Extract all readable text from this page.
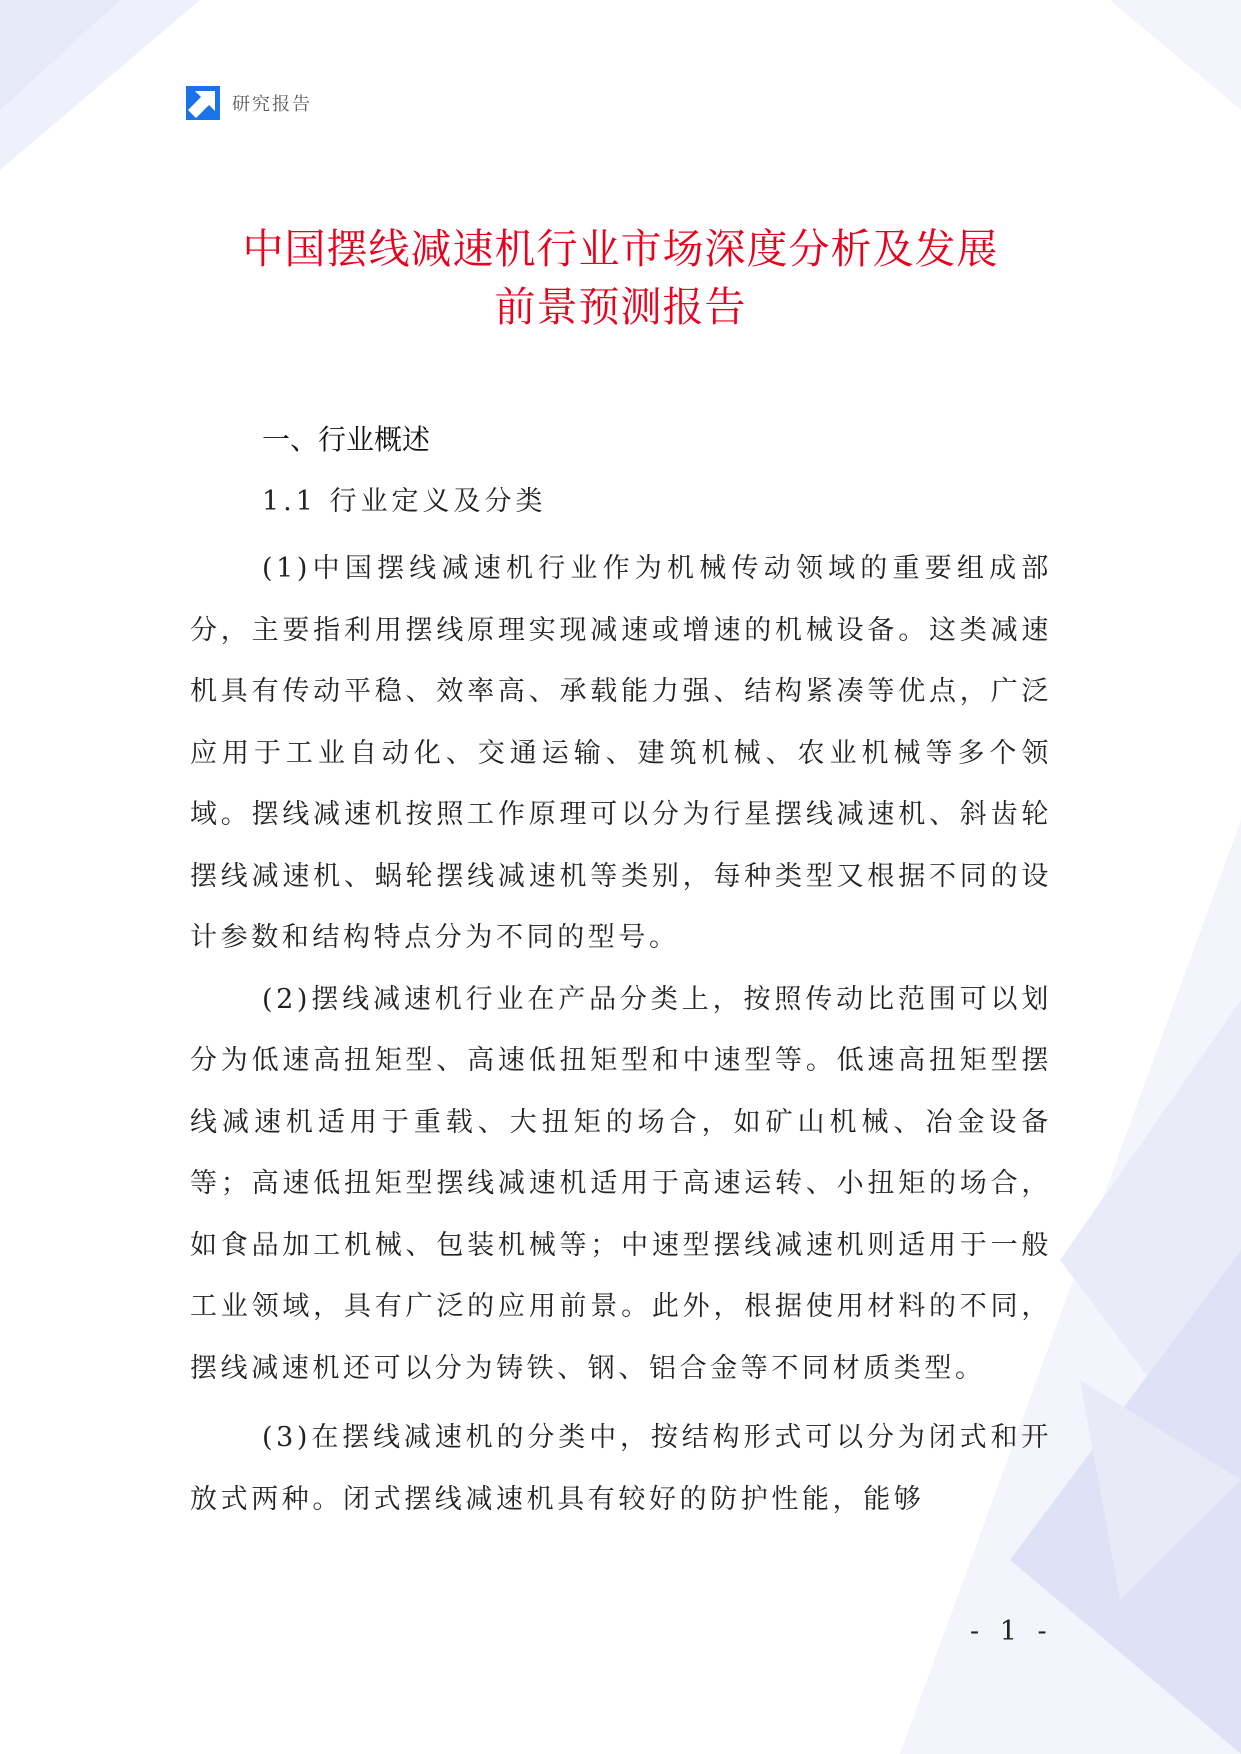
研究报告
中国摆线减速机行业市场深度分析及发展
前景预测报告
一、行业概述
1.1 行业定义及分类

(1)中国摆线减速机行业作为机械传动领域的重要组成部分，主要指利用摆线原理实现减速或增速的机械设备。这类减速机具有传动平稳、效率高、承载能力强、结构紧凑等优点，广泛应用于工业自动化、交通运输、建筑机械、农业机械等多个领域。摆线减速机按照工作原理可以分为行星摆线减速机、斜齿轮摆线减速机、蜗轮摆线减速机等类别，每种类型又根据不同的设计参数和结构特点分为不同的型号。

(2)摆线减速机行业在产品分类上，按照传动比范围可以划分为低速高扭矩型、高速低扭矩型和中速型等。低速高扭矩型摆线减速机适用于重载、大扭矩的场合，如矿山机械、冶金设备等；高速低扭矩型摆线减速机适用于高速运转、小扭矩的场合，如食品加工机械、包装机械等；中速型摆线减速机则适用于一般工业领域，具有广泛的应用前景。此外，根据使用材料的不同，摆线减速机还可以分为铸铁、钢、铝合金等不同材质类型。

(3)在摆线减速机的分类中，按结构形式可以分为闭式和开放式两种。闭式摆线减速机具有较好的防护性能，能够

- 1 -
